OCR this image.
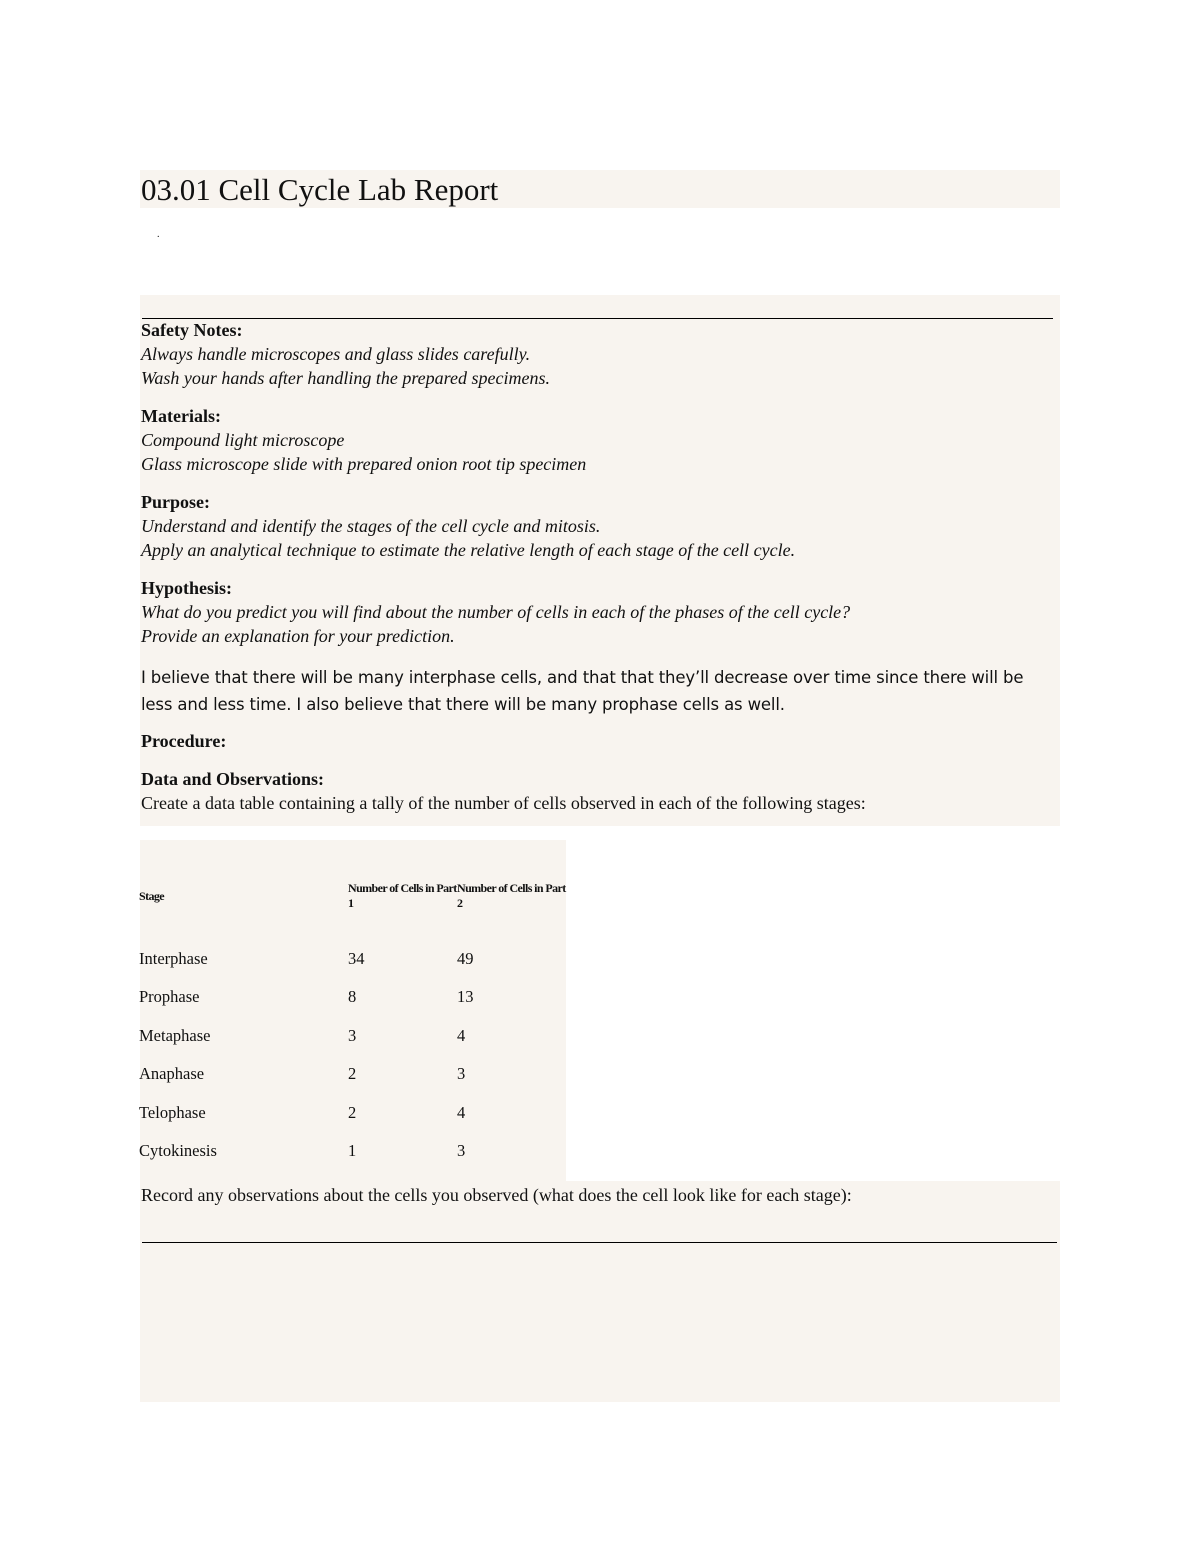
03.01 Cell Cycle Lab Report
.

Safety Notes:

Always handle microscopes and glass slides carefully.

Wash your hands after handling the prepared specimens.

Materials:

Compound light microscope

Glass microscope slide with prepared onion root tip specimen

Purpose:

Understand and identify the stages of the cell cycle and mitosis.

Apply an analytical technique to estimate the relative length of each stage of the cell cycle.

Hypothesis:

What do you predict you will find about the number of cells in each of the phases of the cell cycle?

Provide an explanation for your prediction.

I believe that there will be many interphase cells, and that that they’ll decrease over time since there will be less and less time. I also believe that there will be many prophase cells as well.

Procedure:

Data and Observations:

Create a data table containing a tally of the number of cells observed in each of the following stages:

Stage	Number of Cells in Part 1	Number of Cells in Part 2
Interphase	34	49
Prophase	8	13
Metaphase	3	4
Anaphase	2	3
Telophase	2	4
Cytokinesis	1	3

Record any observations about the cells you observed (what does the cell look like for each stage):
